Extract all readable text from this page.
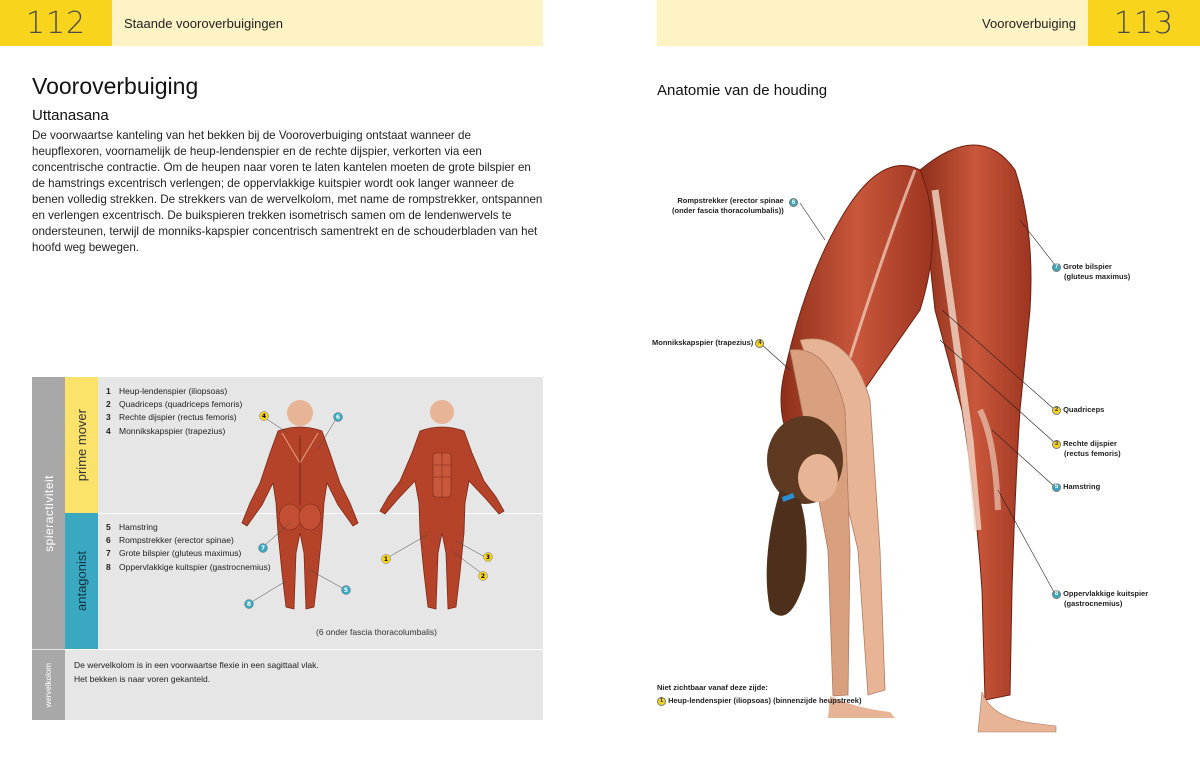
112	Staande vooroverbuigingen	Vooroverbuiging	113
Vooroverbuiging
Uttanasana

De voorwaartse kanteling van het bekken bij de Vooroverbuiging ontstaat wanneer de heupflexoren, voornamelijk de heup-lendenspier en de rechte dijspier, verkorten via een concentrische contractie. Om de heupen naar voren te laten kantelen moeten de grote bilspier en de hamstrings excentrisch verlengen; de oppervlakkige kuitspier wordt ook langer wanneer de benen volledig strekken. De strekkers van de wervelkolom, met name de rompstrekker, ontspannen en verlengen excentrisch. De buikspieren trekken isometrisch samen om de lendenwervels te ondersteunen, terwijl de monniks-kapspier concentrisch samentrekt en de schouderbladen van het hoofd weg bewegen.

spieractiviteit
prime mover
antagonist
1 Heup-lendenspier (iliopsoas)
2 Quadriceps (quadriceps femoris)
3 Rechte dijspier (rectus femoris)
4 Monnikskapspier (trapezius)
5 Hamstring
6 Rompstrekker (erector spinae)
7 Grote bilspier (gluteus maximus)
8 Oppervlakkige kuitspier (gastrocnemius)
4	6
7
5
8
1	3
2
(6 onder fascia thoracolumbalis)
wervelkolom De wervelkolom is in een voorwaartse flexie in een sagittaal vlak.
Het bekken is naar voren gekanteld.
Anatomie van de houding
Rompstrekker (erector spinae
(onder fascia thoracolumbalis))
6
7 Grote bilspier
(gluteus maximus)
Monnikskapspier (trapezius) 4
2 Quadriceps
3 Rechte dijspier
(rectus femoris)
5 Hamstring
8 Oppervlakkige kuitspier
(gastrocnemius)
Niet zichtbaar vanaf deze zijde:
1 Heup-lendenspier (iliopsoas) (binnenzijde heupstreek)
